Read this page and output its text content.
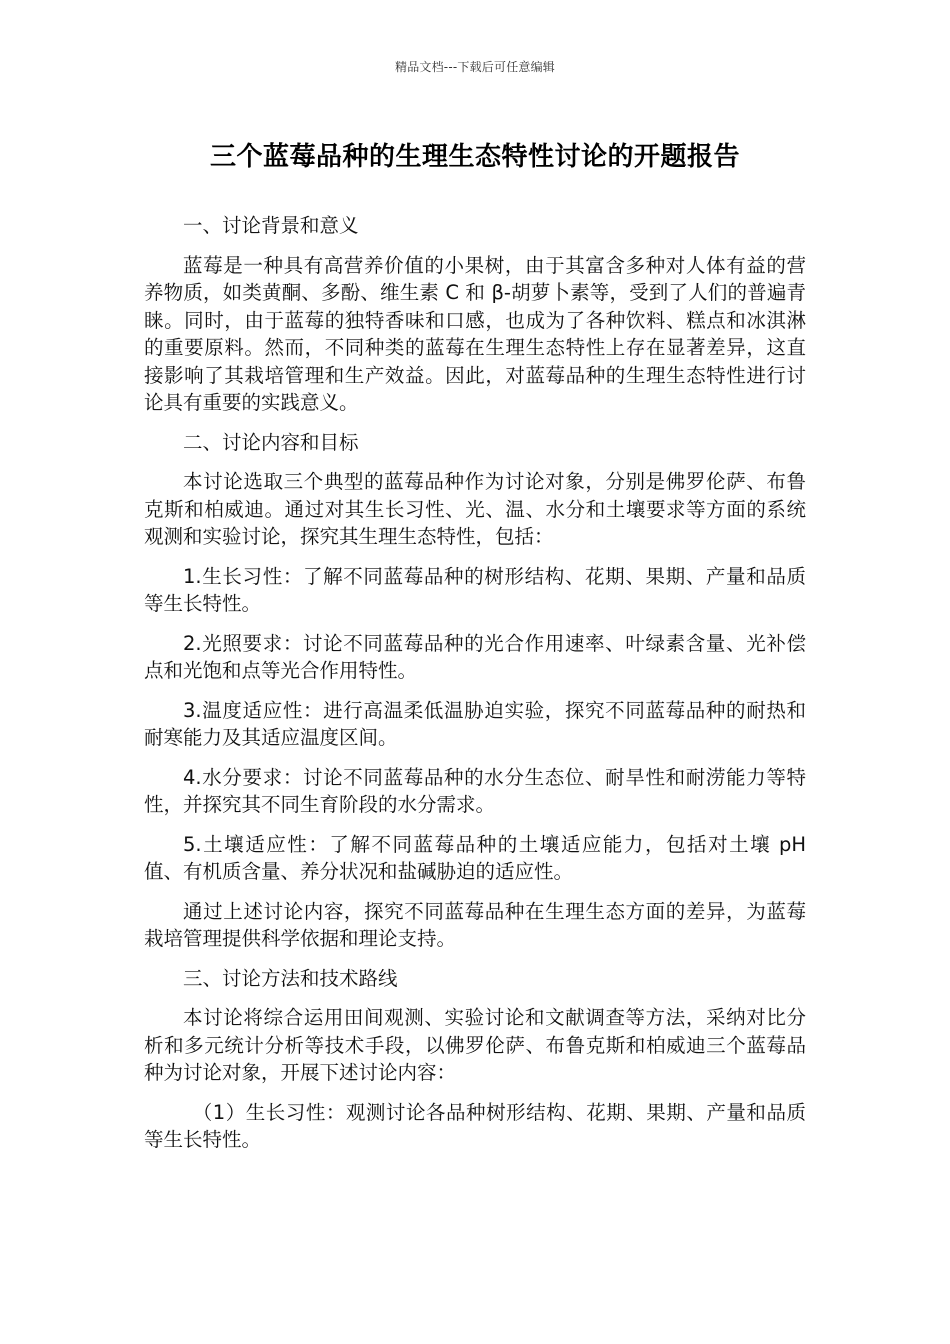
精品文档---下载后可任意编辑
三个蓝莓品种的生理生态特性讨论的开题报告

一、讨论背景和意义

蓝莓是一种具有高营养价值的小果树，由于其富含多种对人体有益的营养物质，如类黄酮、多酚、维生素 C 和 β-胡萝卜素等，受到了人们的普遍青睐。同时，由于蓝莓的独特香味和口感，也成为了各种饮料、糕点和冰淇淋的重要原料。然而，不同种类的蓝莓在生理生态特性上存在显著差异，这直接影响了其栽培管理和生产效益。因此，对蓝莓品种的生理生态特性进行讨论具有重要的实践意义。

二、讨论内容和目标

本讨论选取三个典型的蓝莓品种作为讨论对象，分别是佛罗伦萨、布鲁克斯和柏威迪。通过对其生长习性、光、温、水分和土壤要求等方面的系统观测和实验讨论，探究其生理生态特性，包括：

1.生长习性：了解不同蓝莓品种的树形结构、花期、果期、产量和品质等生长特性。

2.光照要求：讨论不同蓝莓品种的光合作用速率、叶绿素含量、光补偿点和光饱和点等光合作用特性。

3.温度适应性：进行高温柔低温胁迫实验，探究不同蓝莓品种的耐热和耐寒能力及其适应温度区间。

4.水分要求：讨论不同蓝莓品种的水分生态位、耐旱性和耐涝能力等特性，并探究其不同生育阶段的水分需求。

5.土壤适应性：了解不同蓝莓品种的土壤适应能力，包括对土壤 pH 值、有机质含量、养分状况和盐碱胁迫的适应性。

通过上述讨论内容，探究不同蓝莓品种在生理生态方面的差异，为蓝莓栽培管理提供科学依据和理论支持。

三、讨论方法和技术路线

本讨论将综合运用田间观测、实验讨论和文献调查等方法，采纳对比分析和多元统计分析等技术手段，以佛罗伦萨、布鲁克斯和柏威迪三个蓝莓品种为讨论对象，开展下述讨论内容：

（1）生长习性：观测讨论各品种树形结构、花期、果期、产量和品质等生长特性。
